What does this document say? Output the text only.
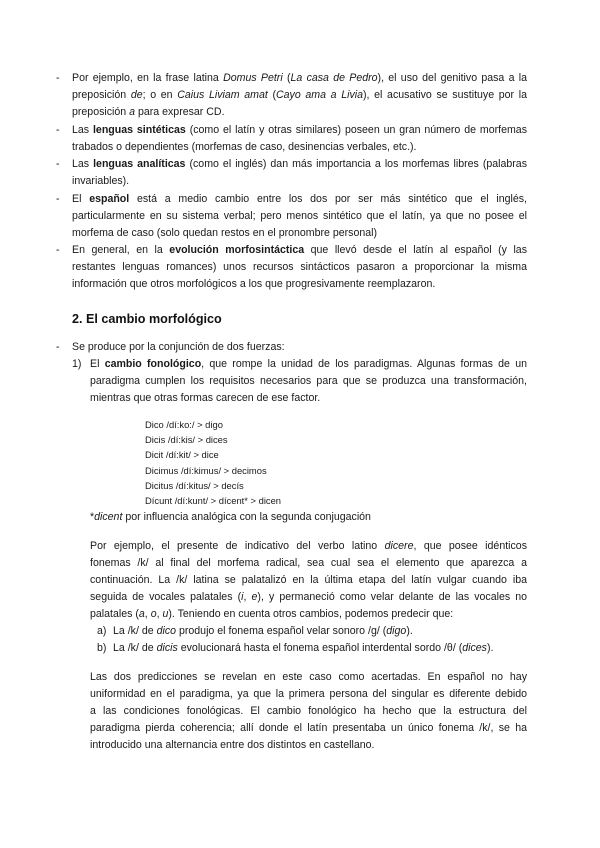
- Por ejemplo, en la frase latina Domus Petri (La casa de Pedro), el uso del genitivo pasa a la

preposición de; o en Caius Liviam amat (Cayo ama a Livia), el acusativo se sustituye por la

preposición a para expresar CD.

- Las lenguas sintéticas (como el latín y otras similares) poseen un gran número de morfemas

trabados o dependientes (morfemas de caso, desinencias verbales, etc.).

- Las lenguas analíticas (como el inglés) dan más importancia a los morfemas libres (palabras

invariables).

- El español está a medio cambio entre los dos por ser más sintético que el inglés,

particularmente en su sistema verbal; pero menos sintético que el latín, ya que no posee el

morfema de caso (solo quedan restos en el pronombre personal)

- En general, en la evolución morfosintáctica que llevó desde el latín al español (y las

restantes lenguas romances) unos recursos sintácticos pasaron a proporcionar la misma

información que otros morfológicos a los que progresivamente reemplazaron.

2. El cambio morfológico
- Se produce por la conjunción de dos fuerzas:

1) El cambio fonológico, que rompe la unidad de los paradigmas. Algunas formas de un

paradigma cumplen los requisitos necesarios para que se produzca una transformación,

mientras que otras formas carecen de ese factor.

Dico /dí:ko:/ > digo
Dicis /dí:kis/ > dices
Dicit /dí:kit/ > dice
Dicimus /dí:kimus/ > decimos
Dicitus /dí:kitus/ > decís
Dícunt /dí:kunt/ > dícent* > dicen

*dicent por influencia analógica con la segunda conjugación

Por ejemplo, el presente de indicativo del verbo latino dicere, que posee idénticos

fonemas /k/ al final del morfema radical, sea cual sea el elemento que aparezca a

continuación. La /k/ latina se palatalizó en la última etapa del latín vulgar cuando iba

seguida de vocales palatales (i, e), y permaneció como velar delante de las vocales no

palatales (a, o, u). Teniendo en cuenta otros cambios, podemos predecir que:

a) La /k/ de dico produjo el fonema español velar sonoro /g/ (digo).
b) La /k/ de dicis evolucionará hasta el fonema español interdental sordo /θ/ (dices).

Las dos predicciones se revelan en este caso como acertadas. En español no hay

uniformidad en el paradigma, ya que la primera persona del singular es diferente debido

a las condiciones fonológicas. El cambio fonológico ha hecho que la estructura del

paradigma pierda coherencia; allí donde el latín presentaba un único fonema /k/, se ha

introducido una alternancia entre dos distintos en castellano.
